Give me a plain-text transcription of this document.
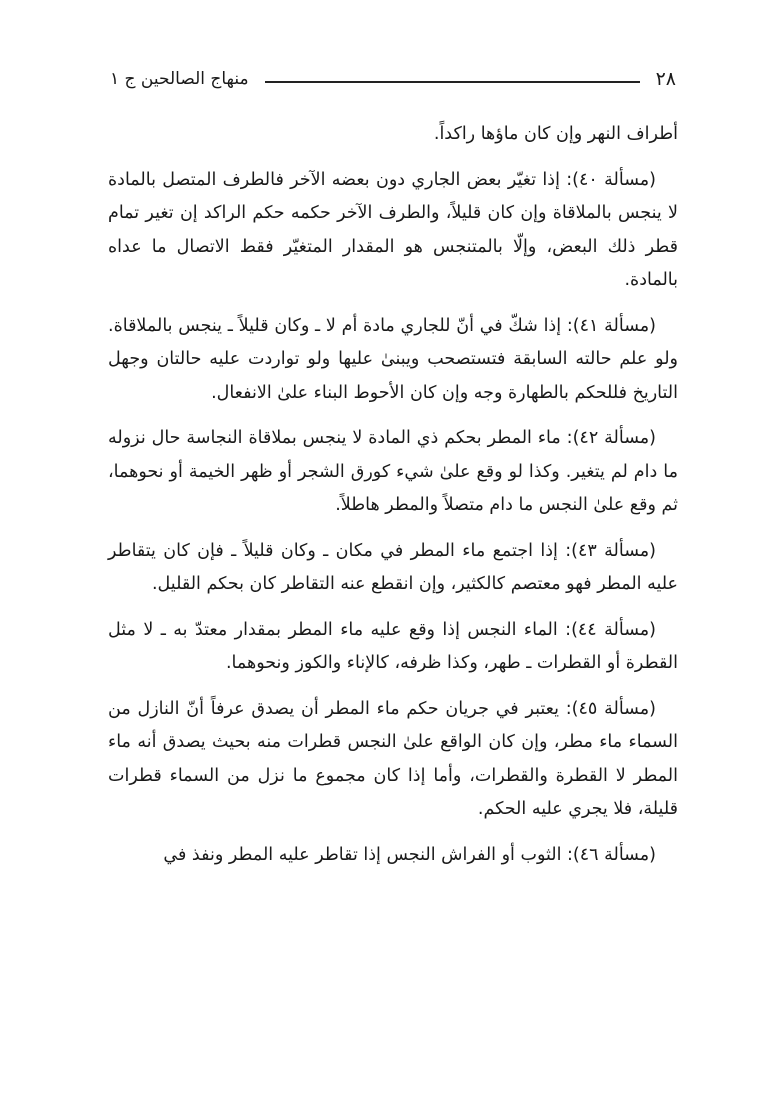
٢٨
منهاج الصالحين ج ١

أطراف النهر وإن كان ماؤها راكداً.

(مسألة ٤٠): إذا تغيّر بعض الجاري دون بعضه الآخر فالطرف المتصل بالمادة لا ينجس بالملاقاة وإن كان قليلاً، والطرف الآخر حكمه حكم الراكد إن تغير تمام قطر ذلك البعض، وإلّا بالمتنجس هو المقدار المتغيّر فقط الاتصال ما عداه بالمادة.

(مسألة ٤١): إذا شكّ في أنّ للجاري مادة أم لا ـ وكان قليلاً ـ ينجس بالملاقاة. ولو علم حالته السابقة فتستصحب ويبنىٰ عليها ولو تواردت عليه حالتان وجهل التاريخ فللحكم بالطهارة وجه وإن كان الأحوط البناء علىٰ الانفعال.

(مسألة ٤٢): ماء المطر بحكم ذي المادة لا ينجس بملاقاة النجاسة حال نزوله ما دام لم يتغير. وكذا لو وقع علىٰ شيء كورق الشجر أو ظهر الخيمة أو نحوهما، ثم وقع علىٰ النجس ما دام متصلاً والمطر هاطلاً.

(مسألة ٤٣): إذا اجتمع ماء المطر في مكان ـ وكان قليلاً ـ فإن كان يتقاطر عليه المطر فهو معتصم كالكثير، وإن انقطع عنه التقاطر كان بحكم القليل.

(مسألة ٤٤): الماء النجس إذا وقع عليه ماء المطر بمقدار معتدّ به ـ لا مثل القطرة أو القطرات ـ طهر، وكذا ظرفه، كالإناء والكوز ونحوهما.

(مسألة ٤٥): يعتبر في جريان حكم ماء المطر أن يصدق عرفاً أنّ النازل من السماء ماء مطر، وإن كان الواقع علىٰ النجس قطرات منه بحيث يصدق أنه ماء المطر لا القطرة والقطرات، وأما إذا كان مجموع ما نزل من السماء قطرات قليلة، فلا يجري عليه الحكم.

(مسألة ٤٦): الثوب أو الفراش النجس إذا تقاطر عليه المطر ونفذ في
